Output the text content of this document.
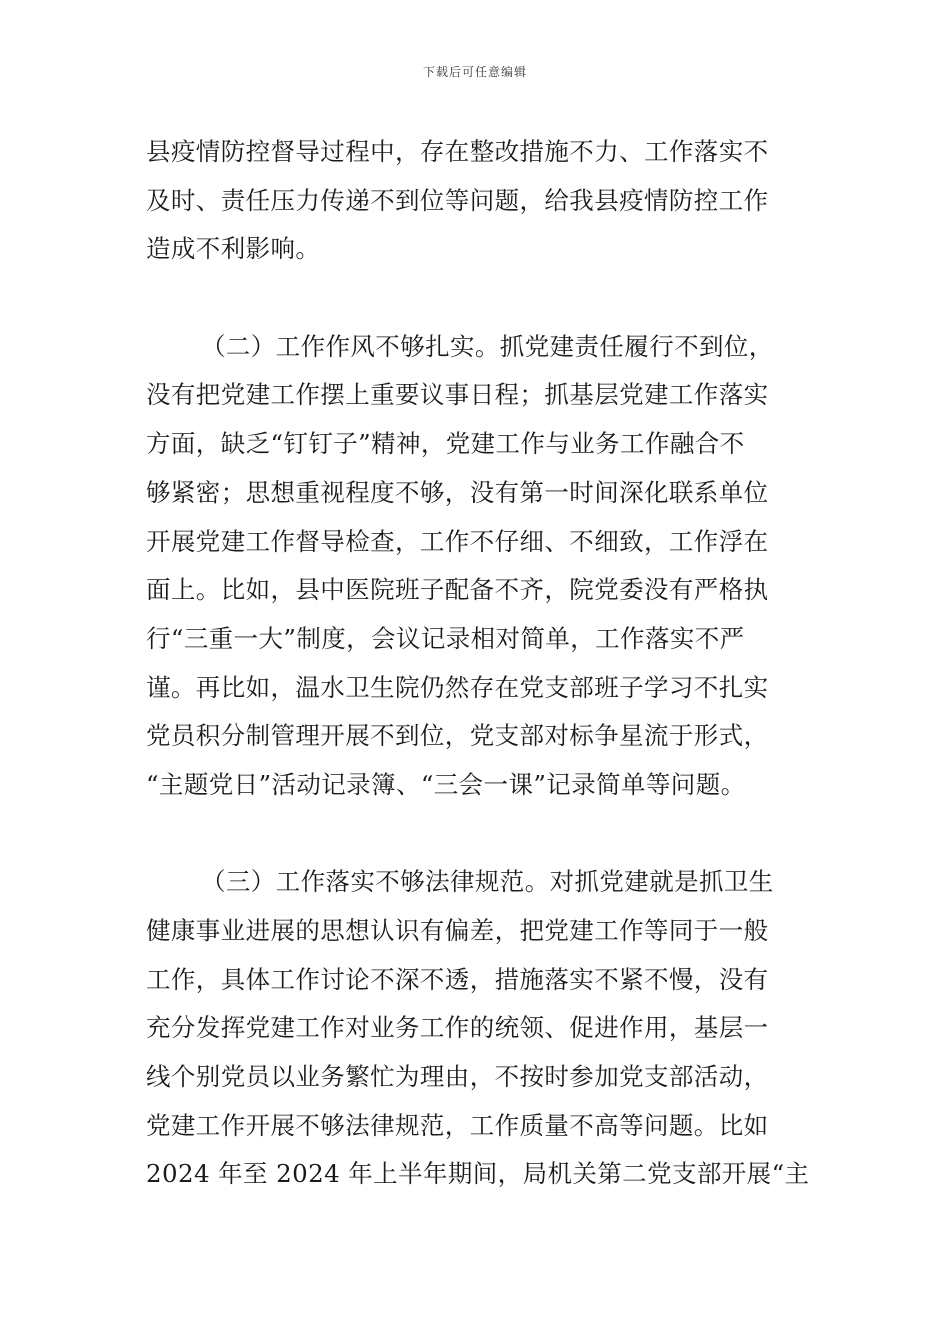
下载后可任意编辑
县疫情防控督导过程中，存在整改措施不力、工作落实不
及时、责任压力传递不到位等问题，给我县疫情防控工作
造成不利影响。
（二）工作作风不够扎实。抓党建责任履行不到位，
没有把党建工作摆上重要议事日程；抓基层党建工作落实
方面，缺乏“钉钉子”精神，党建工作与业务工作融合不
够紧密；思想重视程度不够，没有第一时间深化联系单位
开展党建工作督导检查，工作不仔细、不细致，工作浮在
面上。比如，县中医院班子配备不齐，院党委没有严格执
行“三重一大”制度，会议记录相对简单，工作落实不严
谨。再比如，温水卫生院仍然存在党支部班子学习不扎实
党员积分制管理开展不到位，党支部对标争星流于形式，
“主题党日”活动记录簿、“三会一课”记录简单等问题。
（三）工作落实不够法律规范。对抓党建就是抓卫生
健康事业进展的思想认识有偏差，把党建工作等同于一般
工作，具体工作讨论不深不透，措施落实不紧不慢，没有
充分发挥党建工作对业务工作的统领、促进作用，基层一
线个别党员以业务繁忙为理由，不按时参加党支部活动，
党建工作开展不够法律规范，工作质量不高等问题。比如
2024 年至 2024 年上半年期间，局机关第二党支部开展“主
